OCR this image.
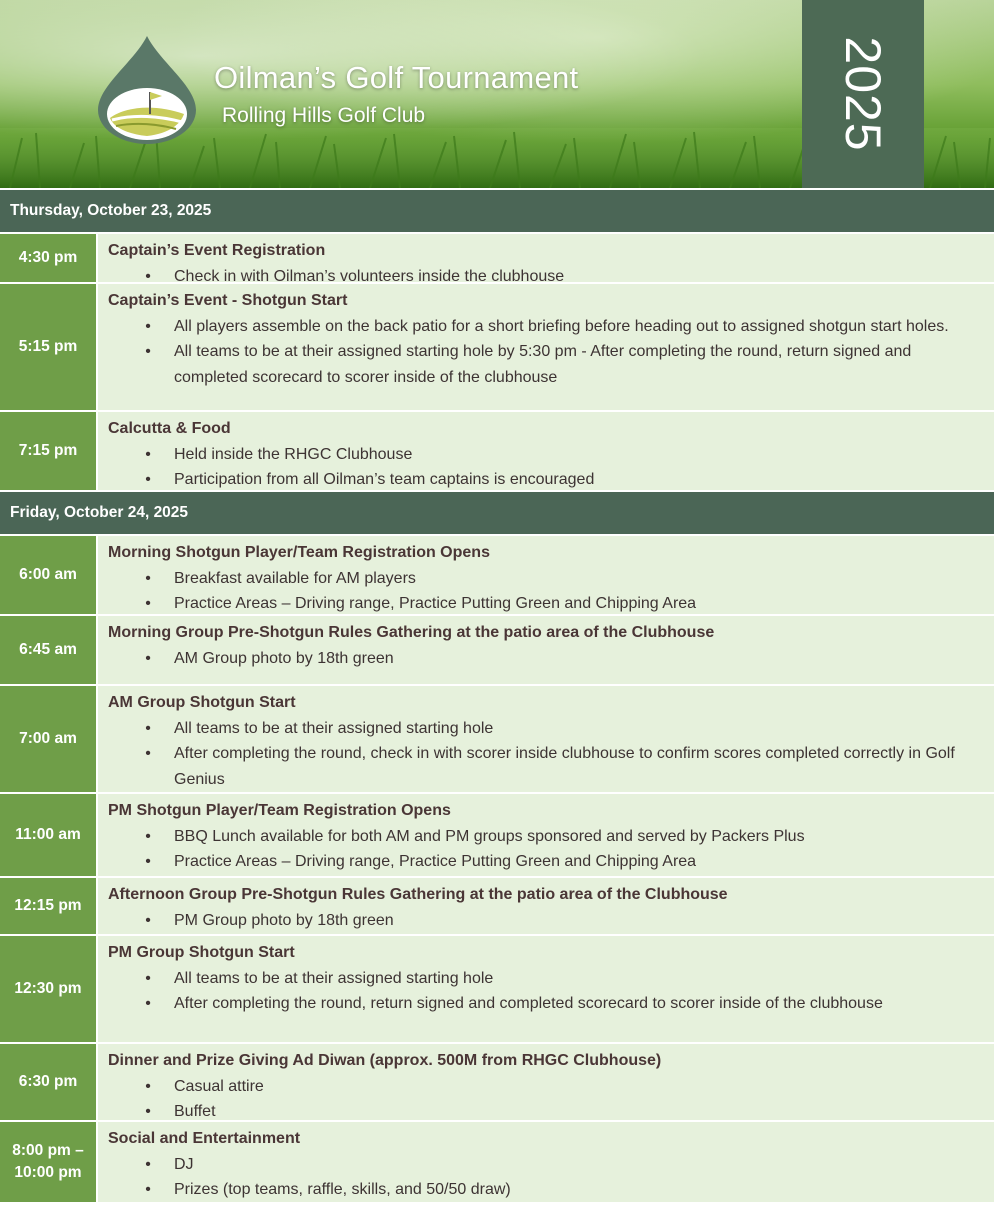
Oilman’s Golf Tournament
Rolling Hills Golf Club	2025
Thursday, October 23, 2025
4:30 pm	Captain’s Event Registration
• Check in with Oilman’s volunteers inside the clubhouse
5:15 pm
Captain’s Event - Shotgun Start
• All players assemble on the back patio for a short briefing before heading out to assigned shotgun start holes.
• All teams to be at their assigned starting hole by 5:30 pm - After completing the round, return signed and completed scorecard to scorer inside of the clubhouse
7:15 pm
Calcutta & Food
• Held inside the RHGC Clubhouse
• Participation from all Oilman’s team captains is encouraged
Friday, October 24, 2025
6:00 am
Morning Shotgun Player/Team Registration Opens
• Breakfast available for AM players
• Practice Areas – Driving range, Practice Putting Green and Chipping Area
6:45 am
Morning Group Pre-Shotgun Rules Gathering at the patio area of the Clubhouse
• AM Group photo by 18th green
7:00 am
AM Group Shotgun Start
• All teams to be at their assigned starting hole
• After completing the round, check in with scorer inside clubhouse to confirm scores completed correctly in Golf Genius
11:00 am
PM Shotgun Player/Team Registration Opens
• BBQ Lunch available for both AM and PM groups sponsored and served by Packers Plus
• Practice Areas – Driving range, Practice Putting Green and Chipping Area
12:15 pm
Afternoon Group Pre-Shotgun Rules Gathering at the patio area of the Clubhouse
• PM Group photo by 18th green
12:30 pm
PM Group Shotgun Start
• All teams to be at their assigned starting hole
• After completing the round, return signed and completed scorecard to scorer inside of the clubhouse
6:30 pm
Dinner and Prize Giving Ad Diwan (approx. 500M from RHGC Clubhouse)
• Casual attire
• Buffet
8:00 pm –
10:00 pm
Social and Entertainment
• DJ
• Prizes (top teams, raffle, skills, and 50/50 draw)
